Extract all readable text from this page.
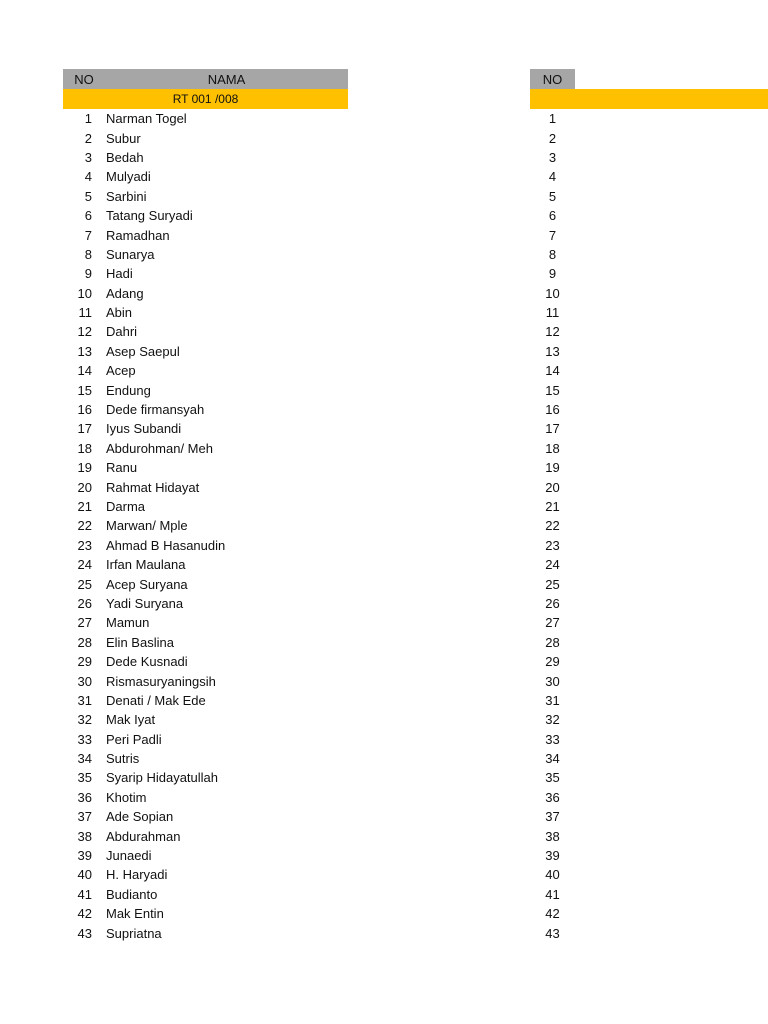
NO	NAMA
RT 001 /008
1	Narman Togel
2	Subur
3	Bedah
4	Mulyadi
5	Sarbini
6	Tatang Suryadi
7	Ramadhan
8	Sunarya
9	Hadi
10	Adang
11	Abin
12	Dahri
13	Asep Saepul
14	Acep
15	Endung
16	Dede firmansyah
17	Iyus Subandi
18	Abdurohman/ Meh
19	Ranu
20	Rahmat Hidayat
21	Darma
22	Marwan/ Mple
23	Ahmad B Hasanudin
24	Irfan Maulana
25	Acep Suryana
26	Yadi Suryana
27	Mamun
28	Elin Baslina
29	Dede Kusnadi
30	Rismasuryaningsih
31	Denati / Mak Ede
32	Mak Iyat
33	Peri Padli
34	Sutris
35	Syarip Hidayatullah
36	Khotim
37	Ade Sopian
38	Abdurahman
39	Junaedi
40	H. Haryadi
41	Budianto
42	Mak Entin
43	Supriatna
NO
1
2
3
4
5
6
7
8
9
10
11
12
13
14
15
16
17
18
19
20
21
22
23
24
25
26
27
28
29
30
31
32
33
34
35
36
37
38
39
40
41
42
43
